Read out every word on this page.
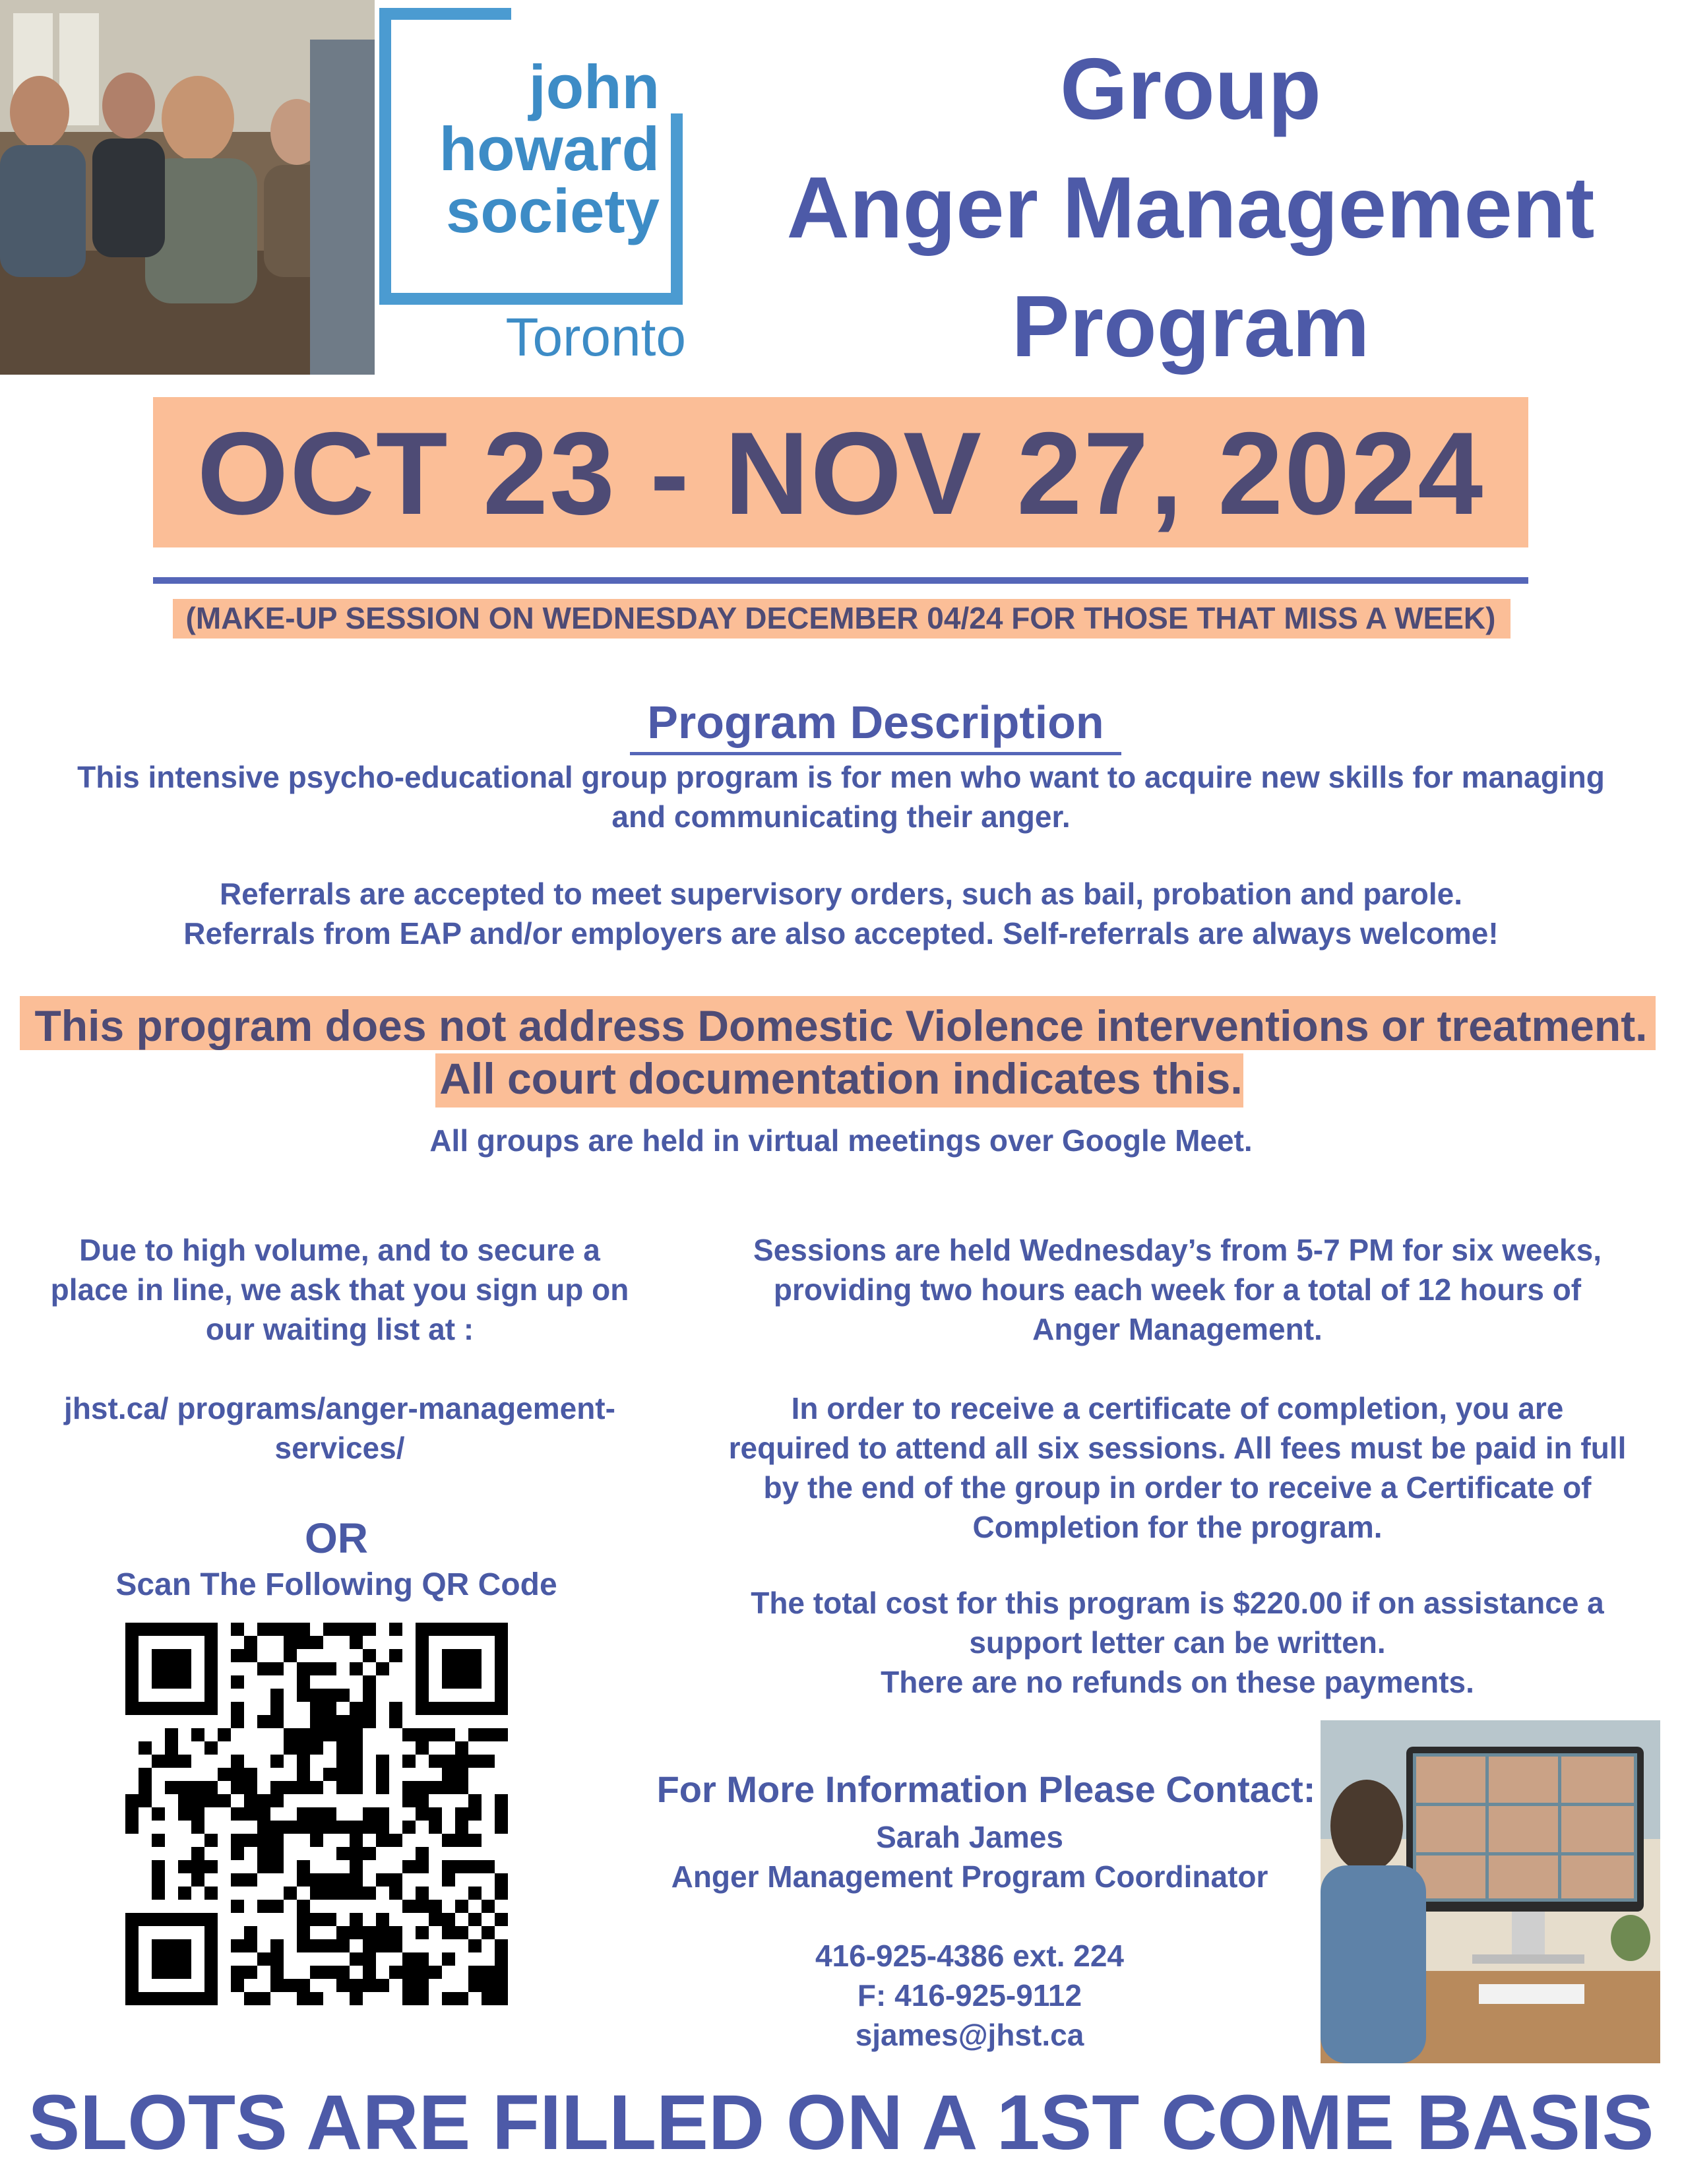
john
howard
society
Toronto
Group
Anger Management
Program
OCT 23 - NOV 27, 2024
(MAKE-UP SESSION ON WEDNESDAY DECEMBER 04/24 FOR THOSE THAT MISS A WEEK)
Program Description
This intensive psycho-educational group program is for men who want to acquire new skills for managing
and communicating their anger.
Referrals are accepted to meet supervisory orders, such as bail, probation and parole.
Referrals from EAP and/or employers are also accepted. Self-referrals are always welcome!
This program does not address Domestic Violence interventions or treatment.
All court documentation indicates this.
All groups are held in virtual meetings over Google Meet.
Due to high volume, and to secure a
place in line, we ask that you sign up on
our waiting list at :
jhst.ca/ programs/anger-management-
services/
OR
Scan The Following QR Code
Sessions are held Wednesday’s from 5-7 PM for six weeks,
providing two hours each week for a total of 12 hours of
Anger Management.
In order to receive a certificate of completion, you are
required to attend all six sessions. All fees must be paid in full
by the end of the group in order to receive a Certificate of
Completion for the program.
The total cost for this program is $220.00 if on assistance a
support letter can be written.
There are no refunds on these payments.
For More Information Please Contact:
Sarah James
Anger Management Program Coordinator
416-925-4386 ext. 224
F: 416-925-9112
sjames@jhst.ca
SLOTS ARE FILLED ON A 1ST COME BASIS
